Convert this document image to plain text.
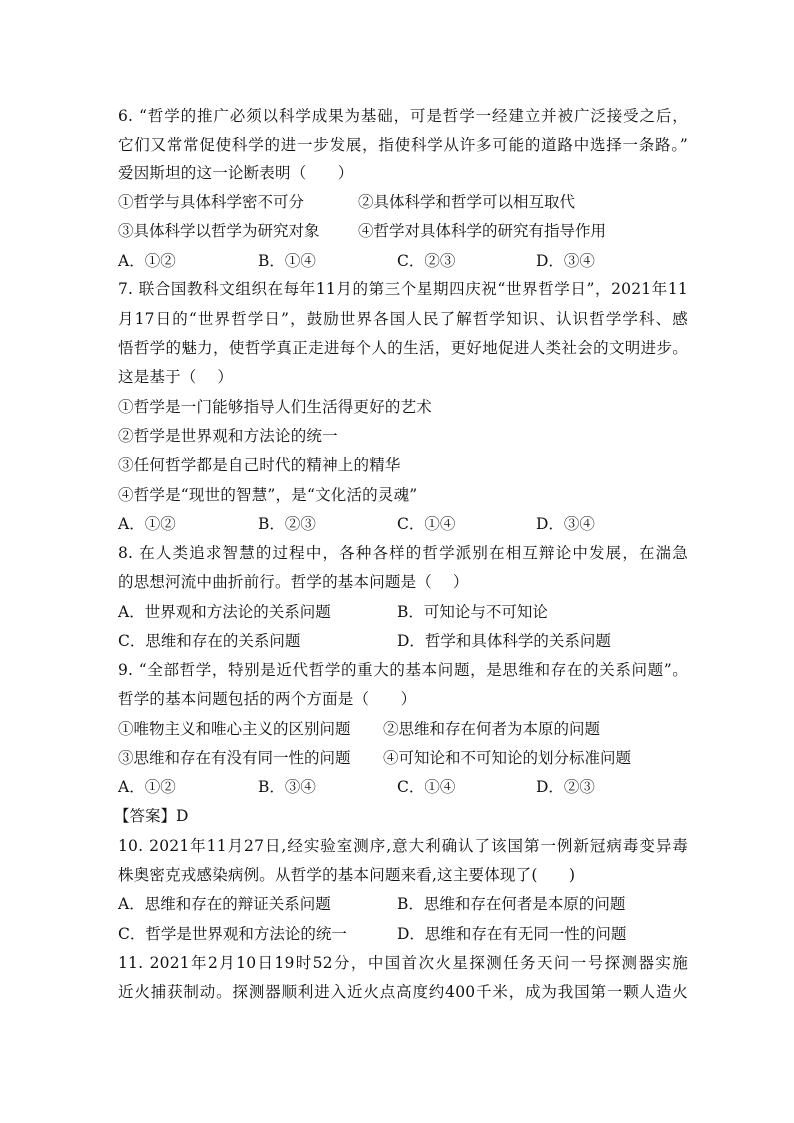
6. “哲学的推广必须以科学成果为基础，可是哲学一经建立并被广泛接受之后，
它们又常常促使科学的进一步发展，指使科学从许多可能的道路中选择一条路。”
爱因斯坦的这一论断表明（　　）
①哲学与具体科学密不可分	②具体科学和哲学可以相互取代
③具体科学以哲学为研究对象 ④哲学对具体科学的研究有指导作用
A．①②	B．①④	C．②③	D．③④
7. 联合国教科文组织在每年11月的第三个星期四庆祝“世界哲学日”，2021年11
月17日的“世界哲学日”，鼓励世界各国人民了解哲学知识、认识哲学学科、感
悟哲学的魅力，使哲学真正走进每个人的生活，更好地促进人类社会的文明进步。
这是基于（　 ）
①哲学是一门能够指导人们生活得更好的艺术
②哲学是世界观和方法论的统一
③任何哲学都是自己时代的精神上的精华
④哲学是“现世的智慧”，是“文化活的灵魂”
A．①②	B．②③	C．①④	D．③④
8. 在人类追求智慧的过程中，各种各样的哲学派别在相互辩论中发展，在湍急
的思想河流中曲折前行。哲学的基本问题是（　 ）
A．世界观和方法论的关系问题	B．可知论与不可知论
C．思维和存在的关系问题	D．哲学和具体科学的关系问题
9. “全部哲学，特别是近代哲学的重大的基本问题，是思维和存在的关系问题”。
哲学的基本问题包括的两个方面是（　　）
①唯物主义和唯心主义的区别问题 ②思维和存在何者为本原的问题
③思维和存在有没有同一性的问题 ④可知论和不可知论的划分标准问题
A．①②	B．③④	C．①④	D．②③
【答案】D
10. 2021年11月27日,经实验室测序,意大利确认了该国第一例新冠病毒变异毒
株奥密克戎感染病例。从哲学的基本问题来看,这主要体现了(　　)
A．思维和存在的辩证关系问题	B．思维和存在何者是本原的问题
C．哲学是世界观和方法论的统一	D．思维和存在有无同一性的问题
11. 2021年2月10日19时52分，中国首次火星探测任务天问一号探测器实施
近火捕获制动。探测器顺利进入近火点高度约400千米，成为我国第一颗人造火
